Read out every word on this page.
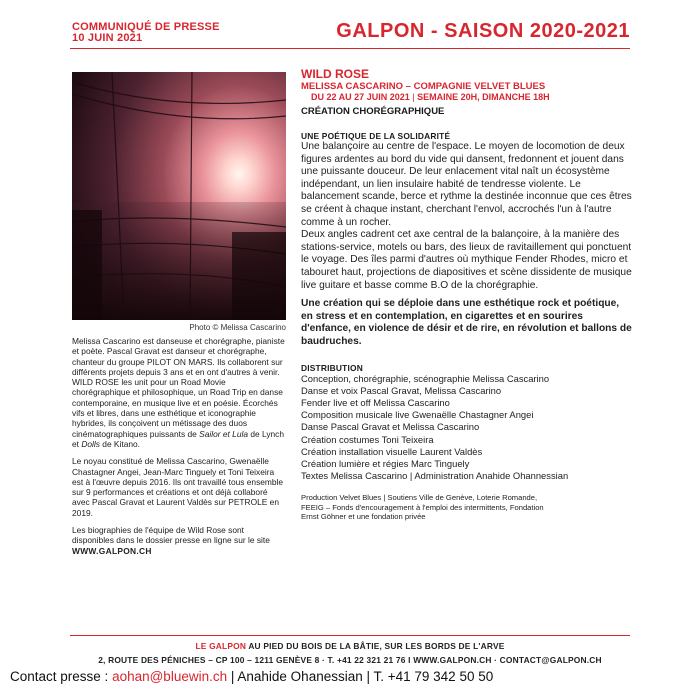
COMMUNIQUÉ DE PRESSE
10 JUIN 2021	GALPON - SAISON 2020-2021
Photo © Melissa Cascarino

Melissa Cascarino est danseuse et chorégraphe, pianiste et poète. Pascal Gravat est danseur et chorégraphe, chanteur du groupe PILOT ON MARS. Ils collaborent sur différents projets depuis 3 ans et en ont d'autres à venir. WILD ROSE les unit pour un Road Movie chorégraphique et philosophique, un Road Trip en danse contemporaine, en musique live et en poésie. Écorchés vifs et libres, dans une esthétique et iconographie hybrides, ils conçoivent un métissage des duos cinématographiques puissants de Sailor et Lula de Lynch et Dolls de Kitano.

Le noyau constitué de Melissa Cascarino, Gwenaëlle Chastagner Angei, Jean-Marc Tinguely et Toni Teixeira est à l'œuvre depuis 2016. Ils ont travaillé tous ensemble sur 9 performances et créations et ont déjà collaboré avec Pascal Gravat et Laurent Valdès sur PETROLE en 2019.

Les biographies de l'équipe de Wild Rose sont disponibles dans le dossier presse en ligne sur le site WWW.GALPON.CH

WILD ROSE
MELISSA CASCARINO – COMPAGNIE VELVET BLUES
DU 22 AU 27 JUIN 2021 | SEMAINE 20H, DIMANCHE 18H
CRÉATION CHORÉGRAPHIQUE
UNE POÉTIQUE DE LA SOLIDARITÉ
Une balançoire au centre de l'espace. Le moyen de locomotion de deux figures ardentes au bord du vide qui dansent, fredonnent et jouent dans une puissante douceur. De leur enlacement vital naît un écosystème indépendant, un lien insulaire habité de tendresse violente. Le balancement scande, berce et rythme la destinée inconnue que ces êtres se créent à chaque instant, cherchant l'envol, accrochés l'un à l'autre comme à un rocher.
Deux angles cadrent cet axe central de la balançoire, à la manière des stations-service, motels ou bars, des lieux de ravitaillement qui ponctuent le voyage. Des îles parmi d'autres où mythique Fender Rhodes, micro et tabouret haut, projections de diapositives et scène dissidente de musique live guitare et basse comme B.O de la chorégraphie.
Une création qui se déploie dans une esthétique rock et poétique, en stress et en contemplation, en cigarettes et en sourires d'enfance, en violence de désir et de rire, en révolution et ballons de baudruches.
DISTRIBUTION
Conception, chorégraphie, scénographie Melissa Cascarino
Danse et voix Pascal Gravat, Melissa Cascarino
Fender live et off Melissa Cascarino
Composition musicale live Gwenaëlle Chastagner Angei
Danse Pascal Gravat et Melissa Cascarino
Création costumes Toni Teixeira
Création installation visuelle Laurent Valdès
Création lumière et régies Marc Tinguely
Textes Melissa Cascarino | Administration Anahide Ohannessian
Production Velvet Blues | Soutiens Ville de Genève, Loterie Romande,
FEEIG – Fonds d'encouragement à l'emploi des intermittents, Fondation
Ernst Göhner et une fondation privée
LE GALPON AU PIED DU BOIS DE LA BÂTIE, SUR LES BORDS DE L'ARVE
2, ROUTE DES PÉNICHES – CP 100 – 1211 GENÈVE 8 · T. +41 22 321 21 76 I WWW.GALPON.CH · CONTACT@GALPON.CH
Contact presse : aohan@bluewin.ch | Anahide Ohanessian | T. +41 79 342 50 50
